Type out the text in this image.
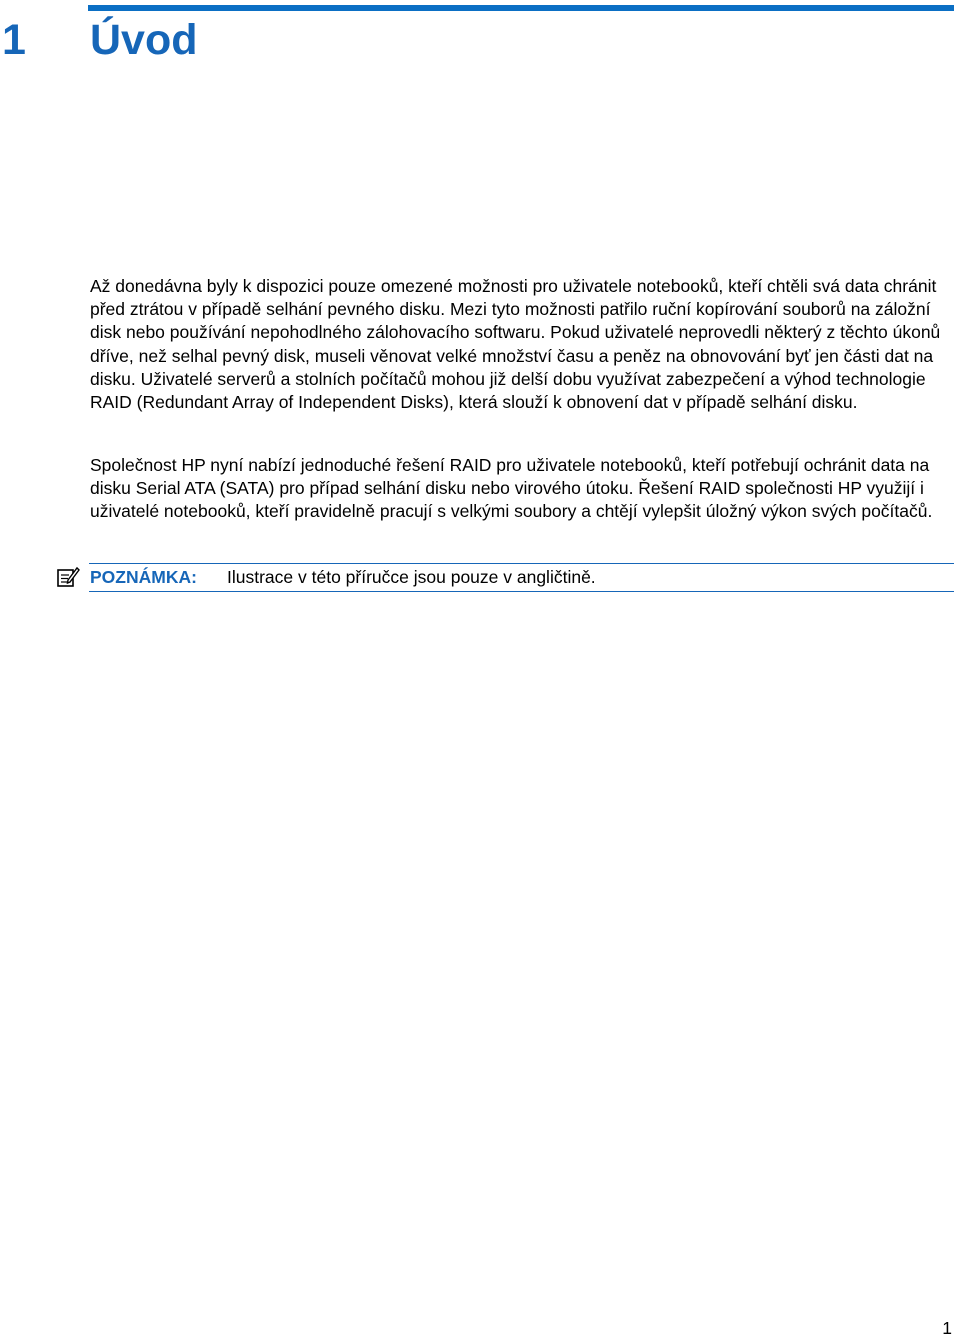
1 Úvod

Až donedávna byly k dispozici pouze omezené možnosti pro uživatele notebooků, kteří chtěli svá data chránit před ztrátou v případě selhání pevného disku. Mezi tyto možnosti patřilo ruční kopírování souborů na záložní disk nebo používání nepohodlného zálohovacího softwaru. Pokud uživatelé neprovedli některý z těchto úkonů dříve, než selhal pevný disk, museli věnovat velké množství času a peněz na obnovování byť jen části dat na disku. Uživatelé serverů a stolních počítačů mohou již delší dobu využívat zabezpečení a výhod technologie RAID (Redundant Array of Independent Disks), která slouží k obnovení dat v případě selhání disku.

Společnost HP nyní nabízí jednoduché řešení RAID pro uživatele notebooků, kteří potřebují ochránit data na disku Serial ATA (SATA) pro případ selhání disku nebo virového útoku. Řešení RAID společnosti HP využijí i uživatelé notebooků, kteří pravidelně pracují s velkými soubory a chtějí vylepšit úložný výkon svých počítačů.

POZNÁMKA: Ilustrace v této příručce jsou pouze v angličtině.
1
